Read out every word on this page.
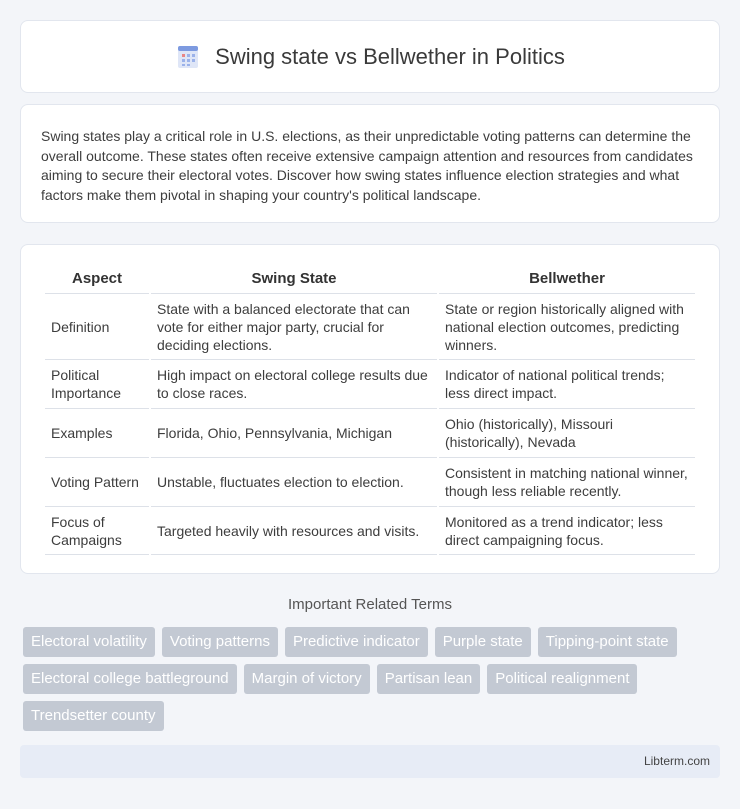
Swing state vs Bellwether in Politics

Swing states play a critical role in U.S. elections, as their unpredictable voting patterns can determine the overall outcome. These states often receive extensive campaign attention and resources from candidates aiming to secure their electoral votes. Discover how swing states influence election strategies and what factors make them pivotal in shaping your country's political landscape.

Aspect	Swing State	Bellwether
Definition	State with a balanced electorate that can vote for either major party, crucial for deciding elections.	State or region historically aligned with national election outcomes, predicting winners.
Political Importance	High impact on electoral college results due to close races.	Indicator of national political trends; less direct impact.
Examples	Florida, Ohio, Pennsylvania, Michigan	Ohio (historically), Missouri (historically), Nevada
Voting Pattern	Unstable, fluctuates election to election.	Consistent in matching national winner, though less reliable recently.
Focus of Campaigns	Targeted heavily with resources and visits.	Monitored as a trend indicator; less direct campaigning focus.
Important Related Terms
Electoral volatility	Voting patterns	Predictive indicator	Purple state	Tipping-point state
Electoral college battleground	Margin of victory	Partisan lean	Political realignment
Trendsetter county
Libterm.com
